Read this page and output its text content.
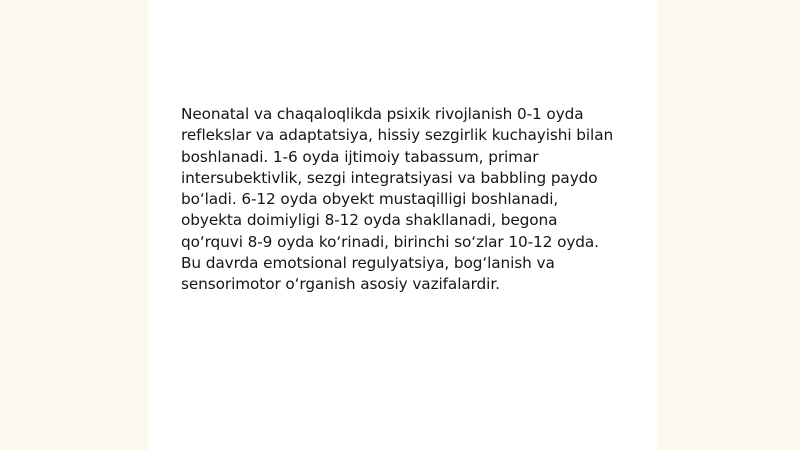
Neonatal va chaqaloqlikda psixik rivojlanish 0-1 oyda reflekslar va adaptatsiya, hissiy sezgirlik kuchayishi bilan boshlanadi. 1-6 oyda ijtimoiy tabassum, primar intersubektivlik, sezgi integratsiyasi va babbling paydo bo‘ladi. 6-12 oyda obyekt mustaqilligi boshlanadi, obyekta doimiyligi 8-12 oyda shakllanadi, begona qo‘rquvi 8-9 oyda ko‘rinadi, birinchi so‘zlar 10-12 oyda. Bu davrda emotsional regulyatsiya, bog‘lanish va sensorimotor o‘rganish asosiy vazifalardir.
